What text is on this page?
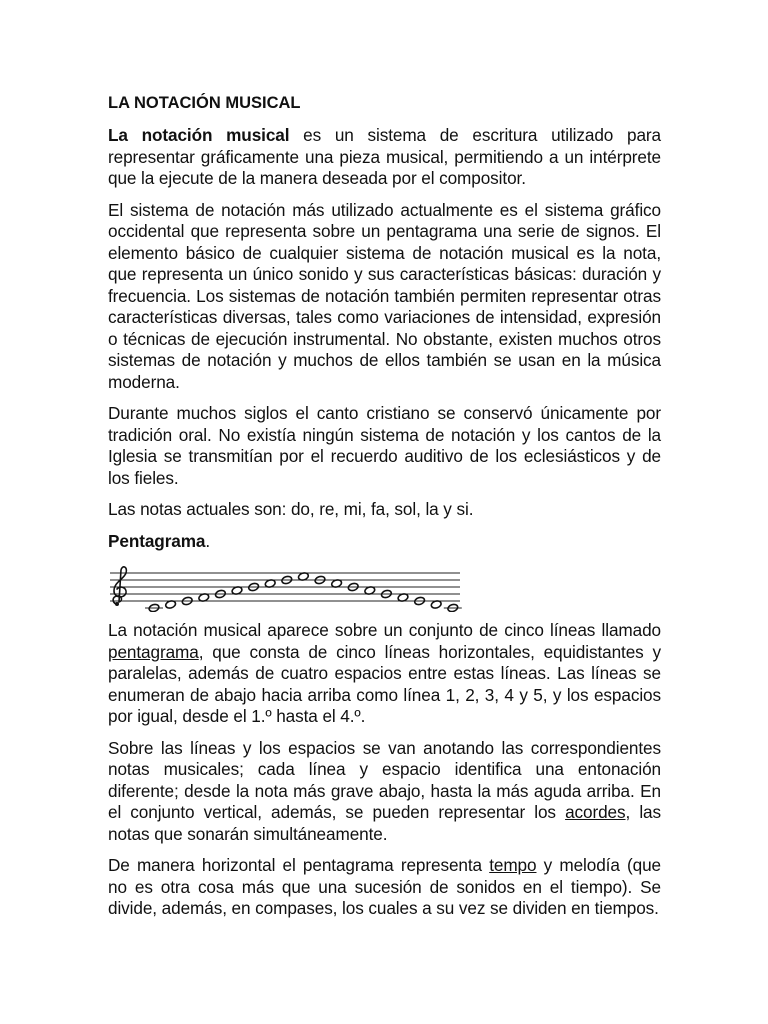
LA NOTACIÓN MUSICAL

La notación musical es un sistema de escritura utilizado para representar gráficamente una pieza musical, permitiendo a un intérprete que la ejecute de la manera deseada por el compositor.

El sistema de notación más utilizado actualmente es el sistema gráfico occidental que representa sobre un pentagrama una serie de signos. El elemento básico de cualquier sistema de notación musical es la nota, que representa un único sonido y sus características básicas: duración y frecuencia. Los sistemas de notación también permiten representar otras características diversas, tales como variaciones de intensidad, expresión o técnicas de ejecución instrumental. No obstante, existen muchos otros sistemas de notación y muchos de ellos también se usan en la música moderna.

Durante muchos siglos el canto cristiano se conservó únicamente por tradición oral. No existía ningún sistema de notación y los cantos de la Iglesia se transmitían por el recuerdo auditivo de los eclesiásticos y de los fieles.

Las notas actuales son: do, re, mi, fa, sol, la y si.

Pentagrama.

La notación musical aparece sobre un conjunto de cinco líneas llamado pentagrama, que consta de cinco líneas horizontales, equidistantes y paralelas, además de cuatro espacios entre estas líneas. Las líneas se enumeran de abajo hacia arriba como línea 1, 2, 3, 4 y 5, y los espacios por igual, desde el 1.º hasta el 4.º.

Sobre las líneas y los espacios se van anotando las correspondientes notas musicales; cada línea y espacio identifica una entonación diferente; desde la nota más grave abajo, hasta la más aguda arriba. En el conjunto vertical, además, se pueden representar los acordes, las notas que sonarán simultáneamente.

De manera horizontal el pentagrama representa tempo y melodía (que no es otra cosa más que una sucesión de sonidos en el tiempo). Se divide, además, en compases, los cuales a su vez se dividen en tiempos.
